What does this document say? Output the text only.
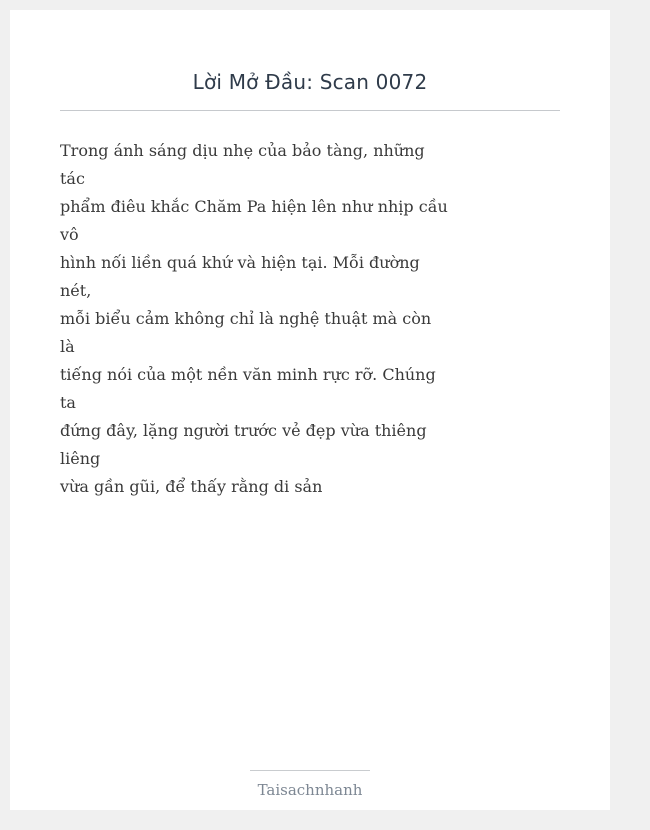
Lời Mở Đầu: Scan 0072
Trong ánh sáng dịu nhẹ của bảo tàng, những
tác
phẩm điêu khắc Chăm Pa hiện lên như nhịp cầu
vô
hình nối liền quá khứ và hiện tại. Mỗi đường
nét,
mỗi biểu cảm không chỉ là nghệ thuật mà còn
là
tiếng nói của một nền văn minh rực rỡ. Chúng
ta
đứng đây, lặng người trước vẻ đẹp vừa thiêng
liêng
vừa gần gũi, để thấy rằng di sản
Taisachnhanh
